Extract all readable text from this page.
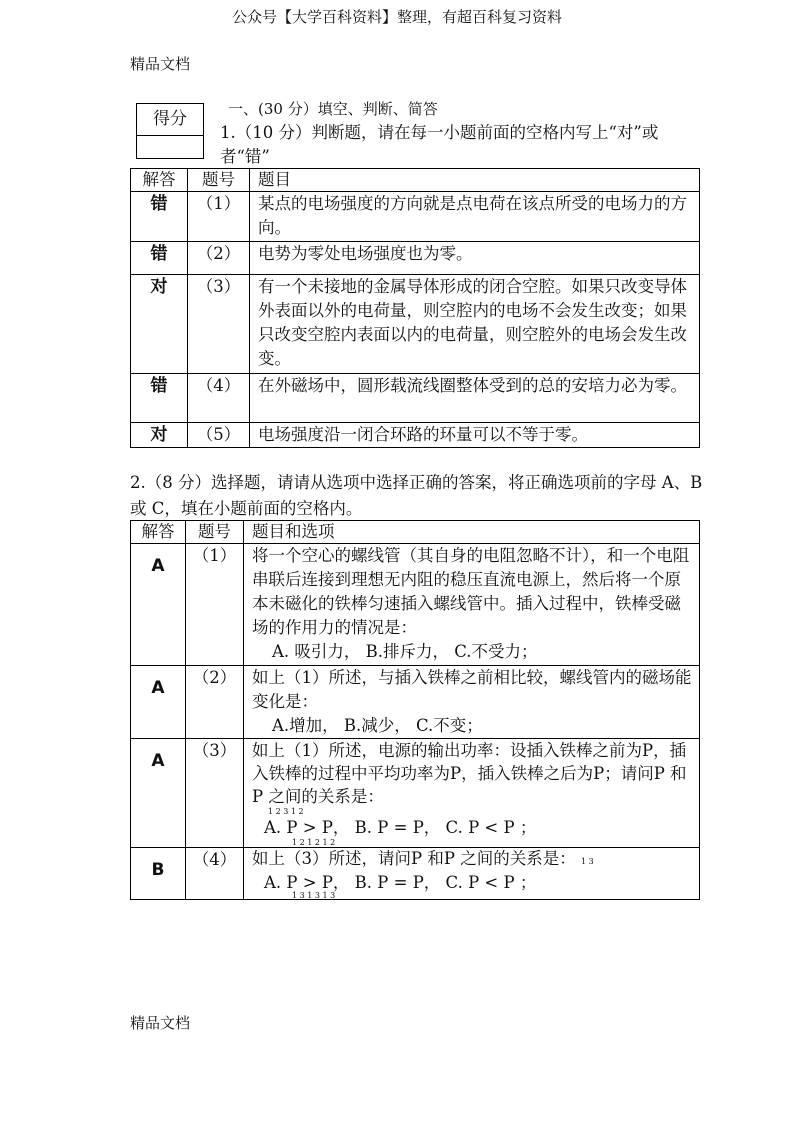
公众号【大学百科资料】整理，有超百科复习资料
精品文档
得分	一、(30 分）填空、判断、简答
1.（10 分）判断题，请在每一小题前面的空格内写上“对”或者“错”
解答	题号	题目
错	（1）	某点的电场强度的方向就是点电荷在该点所受的电场力的方向。
错	（2）	电势为零处电场强度也为零。
对	（3）	有一个未接地的金属导体形成的闭合空腔。如果只改变导体外表面以外的电荷量，则空腔内的电场不会发生改变；如果只改变空腔内表面以内的电荷量，则空腔外的电场会发生改变。
错	（4）	在外磁场中，圆形载流线圈整体受到的总的安培力必为零。
对	（5）	电场强度沿一闭合环路的环量可以不等于零。
2.（8 分）选择题，请请从选项中选择正确的答案，将正确选项前的字母 A、B 或 C，填在小题前面的空格内。
解答	题号	题目和选项
A	（1）	将一个空心的螺线管（其自身的电阻忽略不计），和一个电阻串联后连接到理想无内阻的稳压直流电源上，然后将一个原本未磁化的铁棒匀速插入螺线管中。插入过程中，铁棒受磁场的作用力的情况是：
A. 吸引力， B.排斥力， C.不受力；

A	（2）	如上（1）所述，与插入铁棒之前相比较，螺线管内的磁场能变化是：
A.增加， B.减少， C.不变；

A	（3）	如上（1）所述，电源的输出功率：设插入铁棒之前为P，插入铁棒的过程中平均功率为P，插入铁棒之后为P；请问P 和P 之间的关系是：
1 2 3 1 2
A. P > P， B. P = P， C. P < P ；
1 2 1 2 1 2

B	（4）	如上（3）所述，请问P 和P 之间的关系是： 1 3
A. P > P， B. P = P， C. P < P ；
1 3 1 3 1 3
精品文档
